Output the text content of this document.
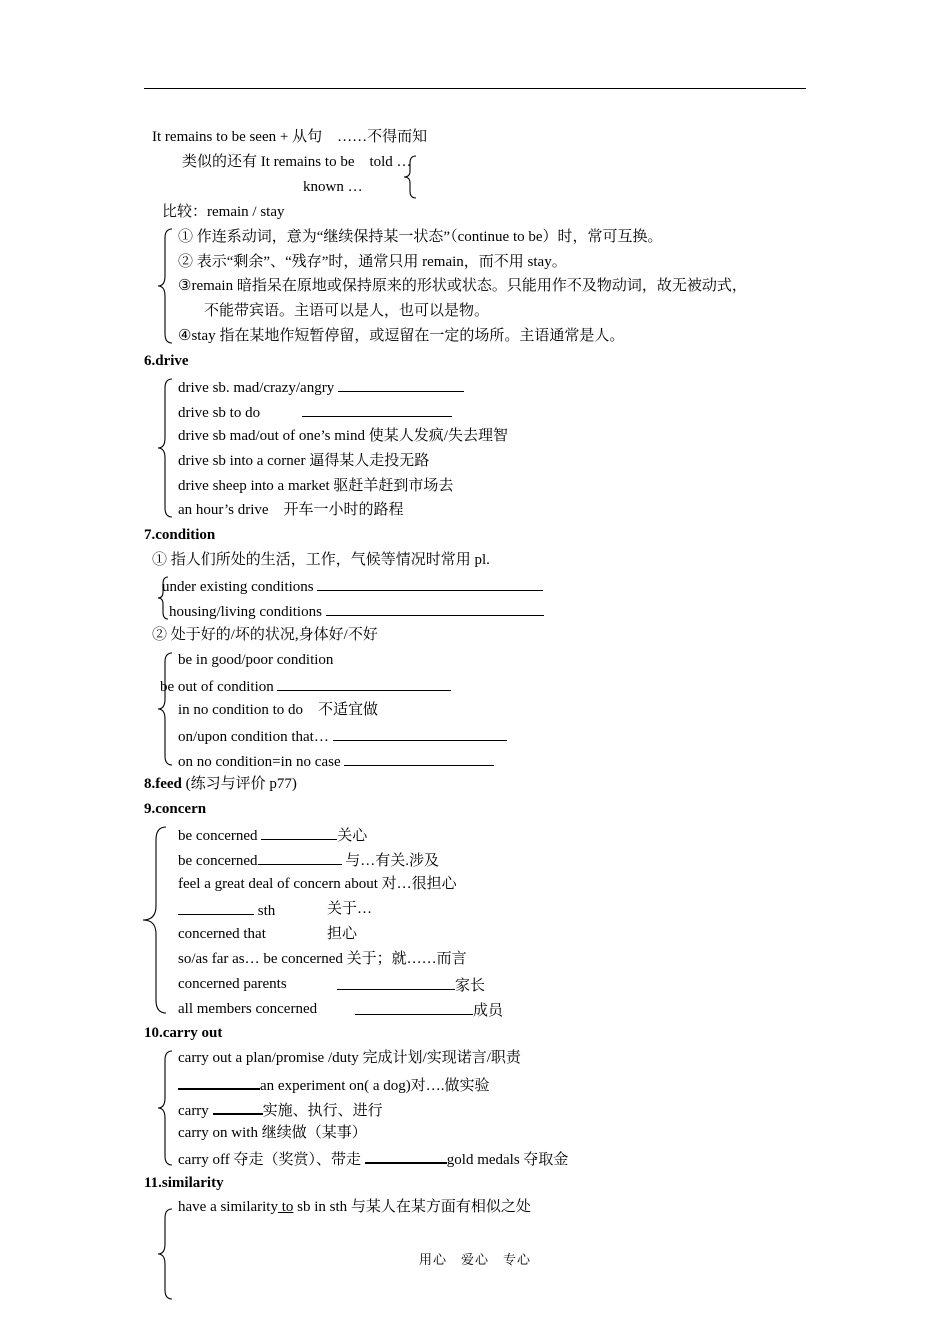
It remains to be seen + 从句　……不得而知
类似的还有 It remains to be　told …
known …
比较：remain / stay
① 作连系动词，意为“继续保持某一状态”（continue to be）时，常可互换。
② 表示“剩余”、“残存”时，通常只用 remain，而不用 stay。
③remain 暗指呆在原地或保持原来的形状或状态。只能用作不及物动词，故无被动式，
不能带宾语。主语可以是人，也可以是物。
④stay 指在某地作短暂停留，或逗留在一定的场所。主语通常是人。
6.drive
drive sb. mad/crazy/angry
drive sb to do
drive sb mad/out of one’s mind 使某人发疯/失去理智
drive sb into a corner 逼得某人走投无路
drive sheep into a market 驱赶羊赶到市场去
an hour’s drive　开车一小时的路程
7.condition
① 指人们所处的生活，工作，气候等情况时常用 pl.
under existing conditions
housing/living conditions
② 处于好的/坏的状况,身体好/不好
be in good/poor condition
be out of condition
in no condition to do　不适宜做
on/upon condition that…
on no condition=in no case
8.feed (练习与评价 p77)
9.concern
be concerned	关心
be concerned	与…有关.涉及
feel a great deal of concern about 对…很担心
sth	关于…
concerned that	担心
so/as far as… be concerned 关于；就……而言
concerned parents	家长
all members concerned	成员
10.carry out
carry out a plan/promise /duty 完成计划/实现诺言/职责
an experiment on( a dog)对….做实验
carry	实施、执行、进行
carry on with 继续做（某事）
carry off 夺走（奖赏）、带走	gold medals 夺取金
11.similarity
have a similarity to sb in sth 与某人在某方面有相似之处
用心　爱心　专心
